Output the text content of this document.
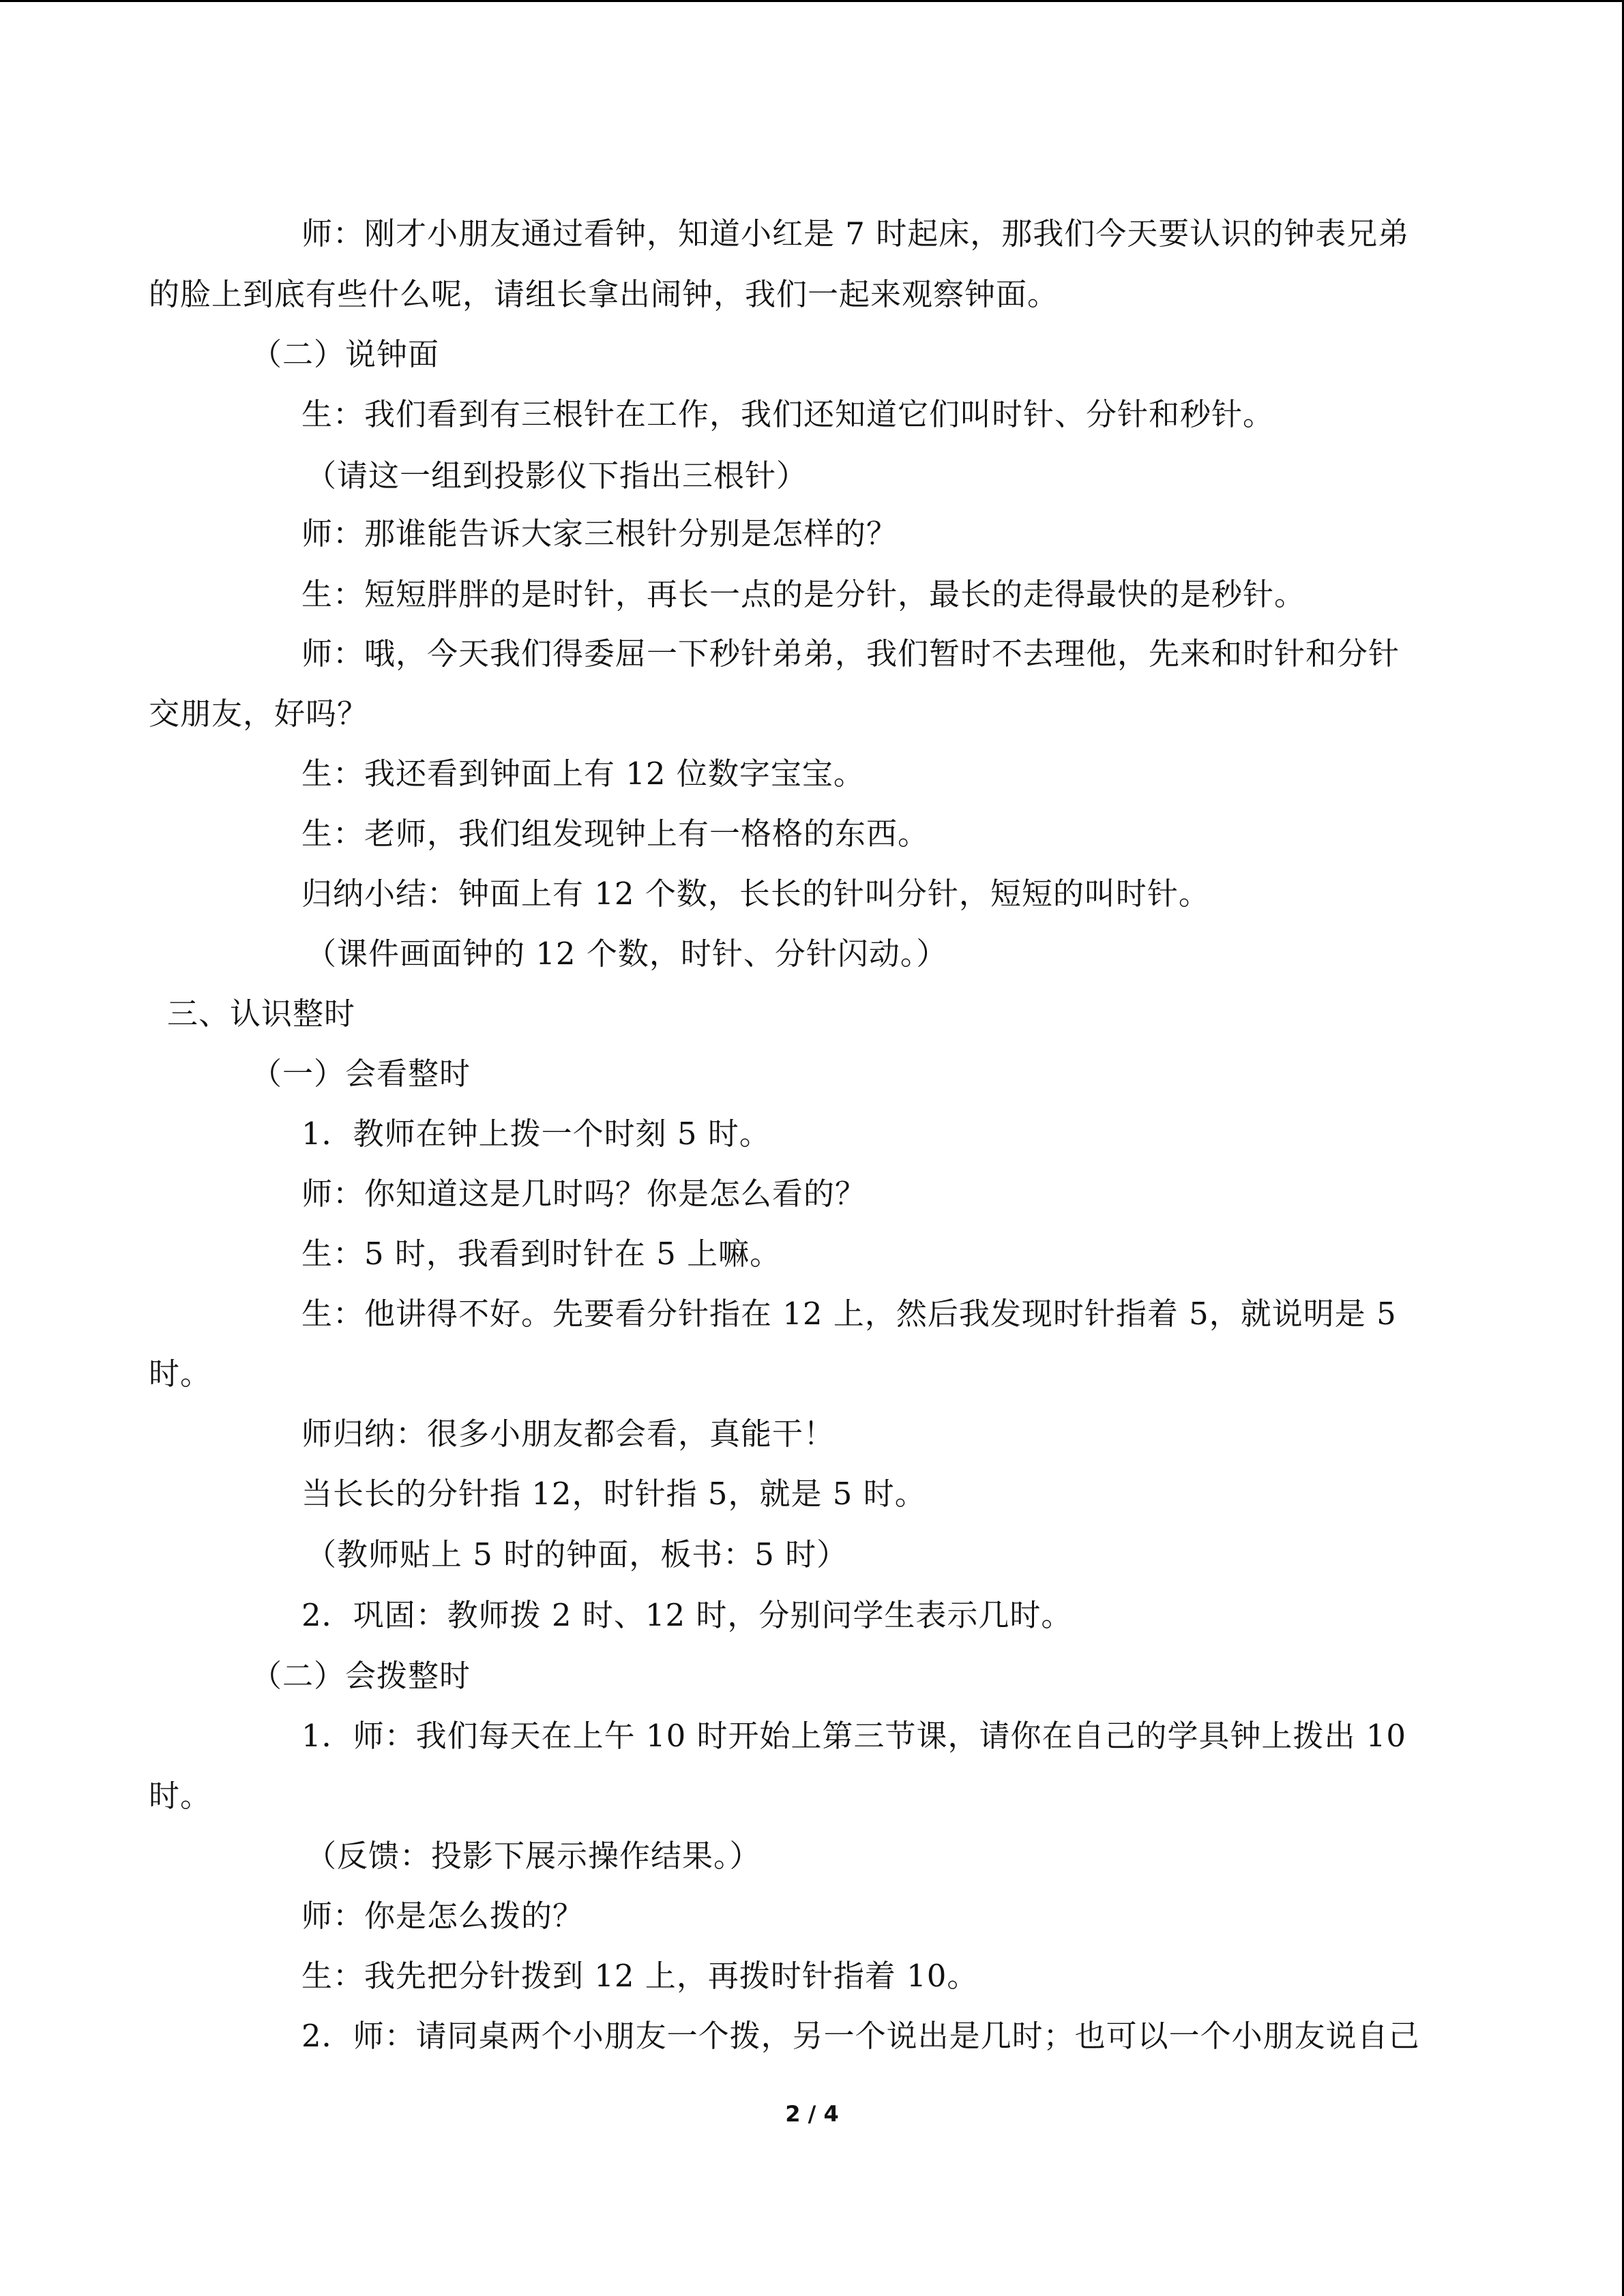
师：刚才小朋友通过看钟，知道小红是 7 时起床，那我们今天要认识的钟表兄弟
的脸上到底有些什么呢，请组长拿出闹钟，我们一起来观察钟面。
（二）说钟面
生：我们看到有三根针在工作，我们还知道它们叫时针、分针和秒针。
（请这一组到投影仪下指出三根针）
师：那谁能告诉大家三根针分别是怎样的？
生：短短胖胖的是时针，再长一点的是分针，最长的走得最快的是秒针。
师：哦，今天我们得委屈一下秒针弟弟，我们暂时不去理他，先来和时针和分针
交朋友，好吗？
生：我还看到钟面上有 12 位数字宝宝。
生：老师，我们组发现钟上有一格格的东西。
归纳小结：钟面上有 12 个数，长长的针叫分针，短短的叫时针。
（课件画面钟的 12 个数，时针、分针闪动。）
三、认识整时
（一）会看整时
1．教师在钟上拨一个时刻 5 时。
师：你知道这是几时吗？你是怎么看的？
生：5 时，我看到时针在 5 上嘛。
生：他讲得不好。先要看分针指在 12 上，然后我发现时针指着 5，就说明是 5
时。
师归纳：很多小朋友都会看，真能干！
当长长的分针指 12，时针指 5，就是 5 时。
（教师贴上 5 时的钟面，板书：5 时）
2．巩固：教师拨 2 时、12 时，分别问学生表示几时。
（二）会拨整时
1．师：我们每天在上午 10 时开始上第三节课，请你在自己的学具钟上拨出 10
时。
（反馈：投影下展示操作结果。）
师：你是怎么拨的？
生：我先把分针拨到 12 上，再拨时针指着 10。
2．师：请同桌两个小朋友一个拨，另一个说出是几时；也可以一个小朋友说自己
2 / 4
